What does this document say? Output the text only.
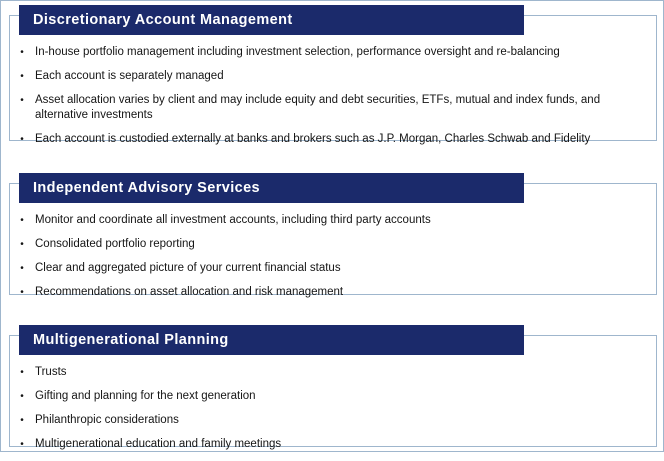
Discretionary Account Management
• In-house portfolio management including investment selection, performance oversight and re-balancing
• Each account is separately managed
• Asset allocation varies by client and may include equity and debt securities, ETFs, mutual and index funds, and alternative investments
• Each account is custodied externally at banks and brokers such as J.P. Morgan, Charles Schwab and Fidelity
Independent Advisory Services
• Monitor and coordinate all investment accounts, including third party accounts
• Consolidated portfolio reporting
• Clear and aggregated picture of your current financial status
• Recommendations on asset allocation and risk management
Multigenerational Planning
• Trusts
• Gifting and planning for the next generation
• Philanthropic considerations
• Multigenerational education and family meetings
